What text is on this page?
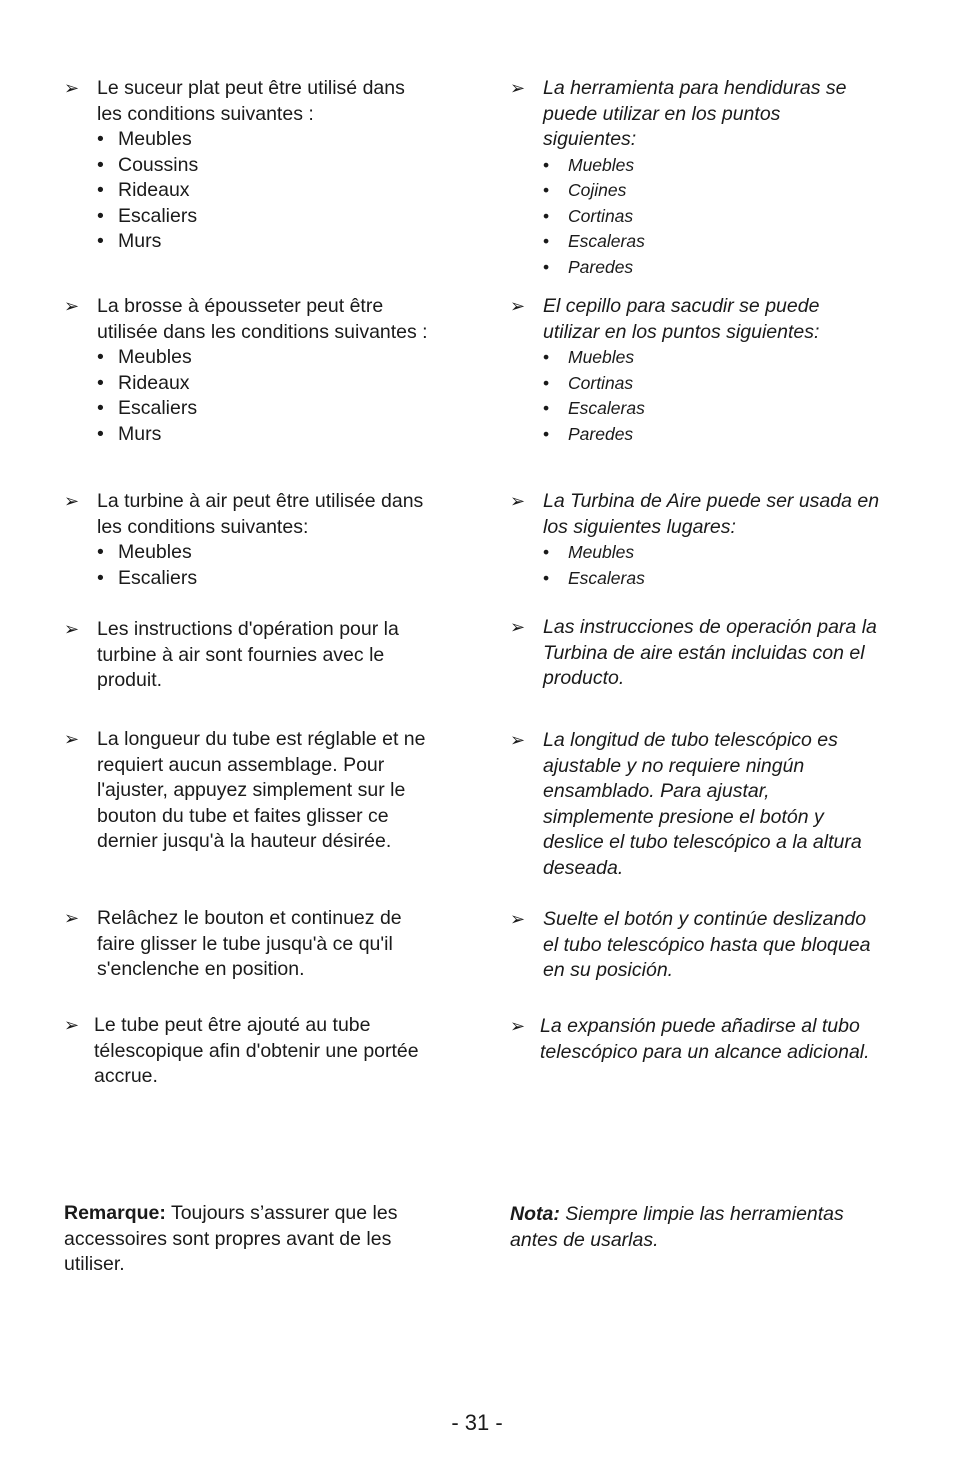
➢ Le suceur plat peut être utilisé dans
les conditions suivantes :
• Meubles
• Coussins
• Rideaux
• Escaliers
• Murs
➢ La brosse à épousseter peut être
utilisée dans les conditions suivantes :
• Meubles
• Rideaux
• Escaliers
• Murs
➢ La turbine à air peut être utilisée dans
les conditions suivantes:
• Meubles
• Escaliers
➢ Les instructions d'opération pour la
turbine à air sont fournies avec le
produit.
➢ La longueur du tube est réglable et ne
requiert aucun assemblage. Pour
l'ajuster, appuyez simplement sur le
bouton du tube et faites glisser ce
dernier jusqu'à la hauteur désirée.
➢ Relâchez le bouton et continuez de
faire glisser le tube jusqu'à ce qu'il
s'enclenche en position.
➢ Le tube peut être ajouté au tube
télescopique afin d'obtenir une portée
accrue.
Remarque: Toujours s’assurer que les
accessoires sont propres avant de les
utiliser.
➢ La herramienta para hendiduras se
puede utilizar en los puntos
siguientes:
• Muebles
• Cojines
• Cortinas
• Escaleras
• Paredes
➢ El cepillo para sacudir se puede
utilizar en los puntos siguientes:
• Muebles
• Cortinas
• Escaleras
• Paredes
➢ La Turbina de Aire puede ser usada en
los siguientes lugares:
• Meubles
• Escaleras
➢ Las instrucciones de operación para la
Turbina de aire están incluidas con el
producto.
➢ La longitud de tubo telescópico es
ajustable y no requiere ningún
ensamblado. Para ajustar,
simplemente presione el botón y
deslice el tubo telescópico a la altura
deseada.
➢ Suelte el botón y continúe deslizando
el tubo telescópico hasta que bloquea
en su posición.
➢ La expansión puede añadirse al tubo
telescópico para un alcance adicional.
Nota: Siempre limpie las herramientas
antes de usarlas.
- 31 -
